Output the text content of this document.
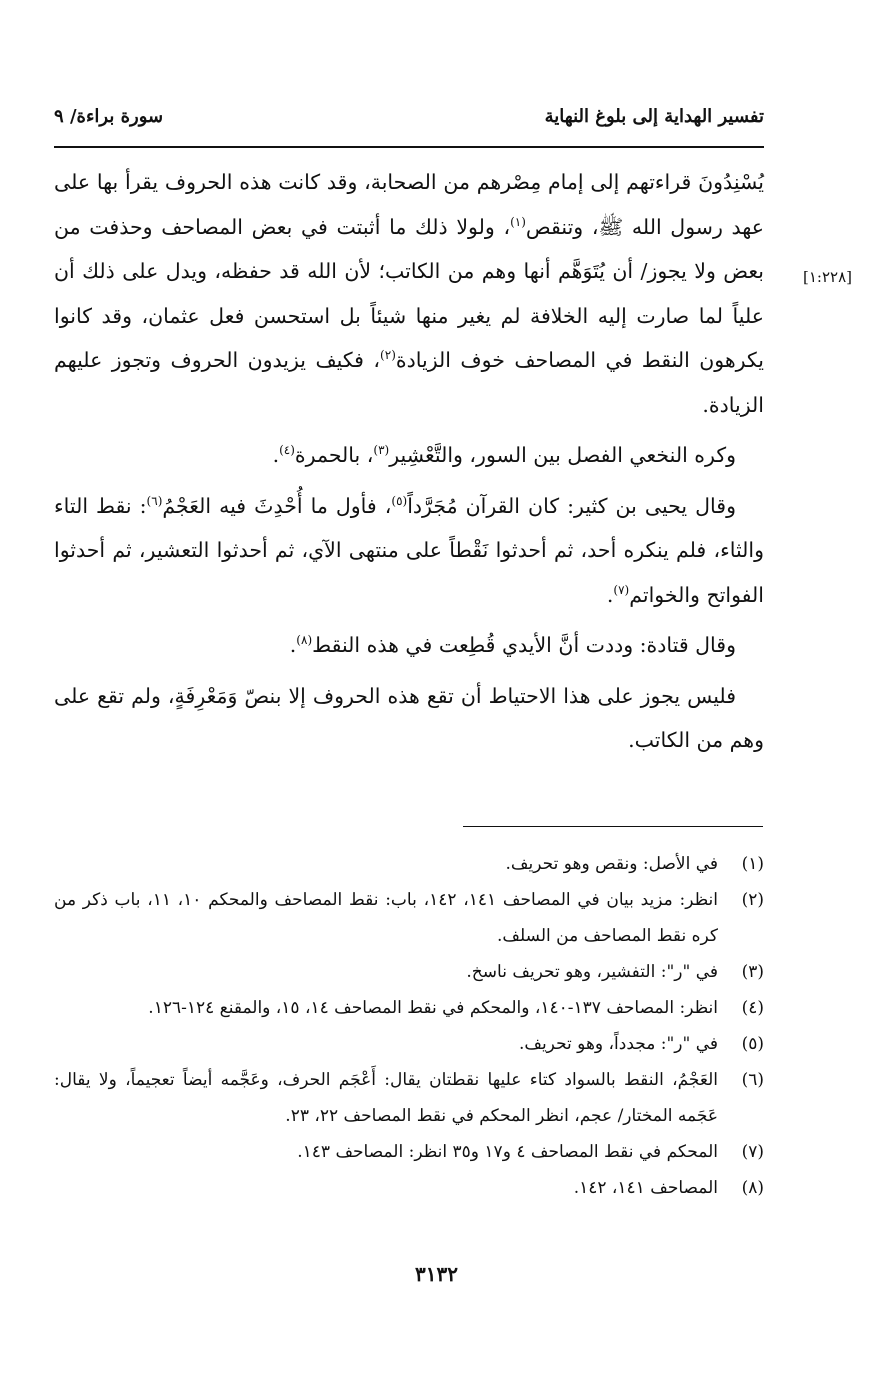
تفسير الهداية إلى بلوغ النهاية
سورة براءة/ ٩
[١:٢٢٨]

يُسْنِدُونَ قراءتهم إلى إمام مِصْرهم من الصحابة، وقد كانت هذه الحروف يقرأ بها على عهد رسول الله ﷺ، وتنقص$^{(١)}$، ولولا ذلك ما أثبتت في بعض المصاحف وحذفت من بعض ولا يجوز/ أن يُتَوَهَّم أنها وهم من الكاتب؛ لأن الله قد حفظه، ويدل على ذلك أن علياً لما صارت إليه الخلافة لم يغير منها شيئاً بل استحسن فعل عثمان، وقد كانوا يكرهون النقط في المصاحف خوف الزيادة$^{(٢)}$، فكيف يزيدون الحروف وتجوز عليهم الزيادة.

وكره النخعي الفصل بين السور، والتَّعْشِير$^{(٣)}$، بالحمرة$^{(٤)}$.

وقال يحيى بن كثير: كان القرآن مُجَرَّداً$^{(٥)}$، فأول ما أُحْدِثَ فيه العَجْمُ$^{(٦)}$: نقط التاء والثاء، فلم ينكره أحد، ثم أحدثوا نَقْطاً على منتهى الآي، ثم أحدثوا التعشير، ثم أحدثوا الفواتح والخواتم$^{(٧)}$.

وقال قتادة: وددت أنَّ الأيدي قُطِعت في هذه النقط$^{(٨)}$.

فليس يجوز على هذا الاحتياط أن تقع هذه الحروف إلا بنصّ وَمَعْرِفَةٍ، ولم تقع على وهم من الكاتب.

(١)
في الأصل: ونقص وهو تحريف.
(٢)
انظر: مزيد بيان في المصاحف ١٤١، ١٤٢، باب: نقط المصاحف والمحكم ١٠، ١١، باب ذكر من كره نقط المصاحف من السلف.
(٣)
في "ر": التفشير، وهو تحريف ناسخ.
(٤)
انظر: المصاحف ١٣٧-١٤٠، والمحكم في نقط المصاحف ١٤، ١٥، والمقنع ١٢٤-١٢٦.
(٥)
في "ر": مجدداً، وهو تحريف.
(٦)
العَجْمُ، النقط بالسواد كتاء عليها نقطتان يقال: أَعْجَم الحرف، وعَجَّمه أيضاً تعجيماً، ولا يقال: عَجَمه المختار/ عجم، انظر المحكم في نقط المصاحف ٢٢، ٢٣.
(٧)
المحكم في نقط المصاحف ٤ و١٧ و٣٥ انظر: المصاحف ١٤٣.
(٨)
المصاحف ١٤١، ١٤٢.
٣١٣٢
